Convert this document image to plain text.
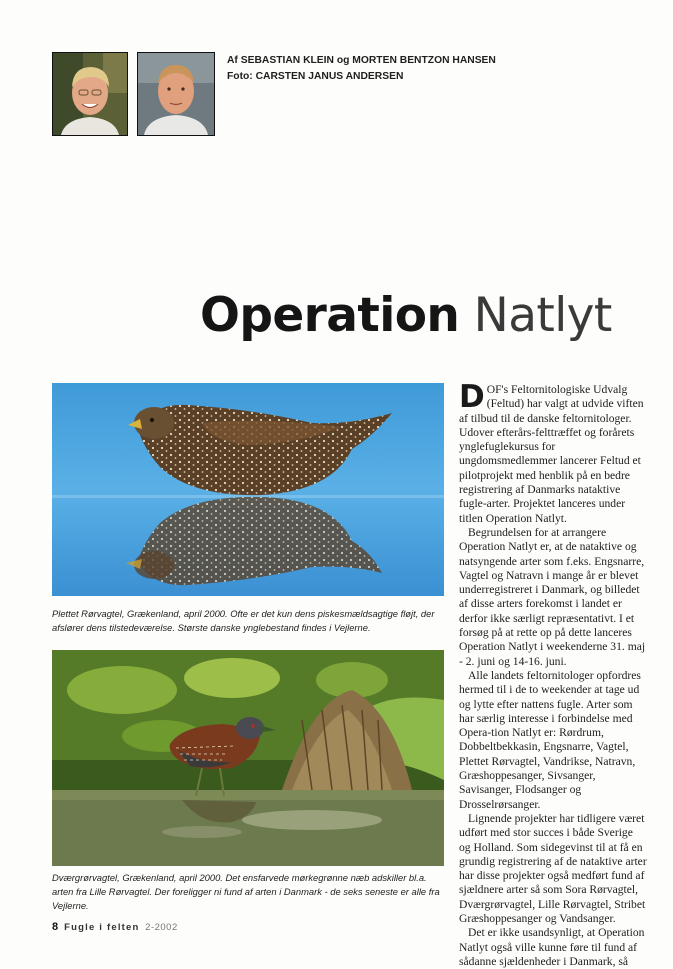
Af SEBASTIAN KLEIN og MORTEN BENTZON HANSEN
Foto: CARSTEN JANUS ANDERSEN
Operation Natlyt
Plettet Rørvagtel, Grækenland, april 2000. Ofte er det kun dens piskesmældsagtige fløjt, der afslører dens tilstedeværelse. Største danske ynglebestand findes i Vejlerne.
Dværgrørvagtel, Grækenland, april 2000. Det ensfarvede mørkegrønne næb adskiller bl.a. arten fra Lille Rørvagtel. Der foreligger ni fund af arten i Danmark - de seks seneste er alle fra Vejlerne.

DOF's Feltornitologiske Udvalg (Feltud) har valgt at udvide viften af tilbud til de danske feltornitologer. Udover efterårs-felttræffet og forårets ynglefuglekursus for ungdomsmedlemmer lancerer Feltud et pilotprojekt med henblik på en bedre registrering af Danmarks nataktive fugle-arter. Projektet lanceres under titlen Operation Natlyt.

Begrundelsen for at arrangere Operation Natlyt er, at de nataktive og natsyngende arter som f.eks. Engsnarre, Vagtel og Natravn i mange år er blevet underregistreret i Danmark, og billedet af disse arters forekomst i landet er derfor ikke særligt repræsentativt. I et forsøg på at rette op på dette lanceres Operation Natlyt i weekenderne 31. maj - 2. juni og 14-16. juni.

Alle landets feltornitologer opfordres hermed til i de to weekender at tage ud og lytte efter nattens fugle. Arter som har særlig interesse i forbindelse med Opera-tion Natlyt er: Rørdrum, Dobbeltbekkasin, Engsnarre, Vagtel, Plettet Rørvagtel, Vandrikse, Natravn, Græshoppesanger, Sivsanger, Savisanger, Flodsanger og Drosselrørsanger.

Lignende projekter har tidligere været udført med stor succes i både Sverige og Holland. Som sidegevinst til at få en grundig registrering af de nataktive arter har disse projekter også medført fund af sjældnere arter så som Sora Rørvagtel, Dværgrørvagtel, Lille Rørvagtel, Stribet Græshoppesanger og Vandsanger.

Det er ikke usandsynligt, at Operation Natlyt også ville kunne føre til fund af sådanne sjældenheder i Danmark, så

8 Fugle i felten 2-2002
